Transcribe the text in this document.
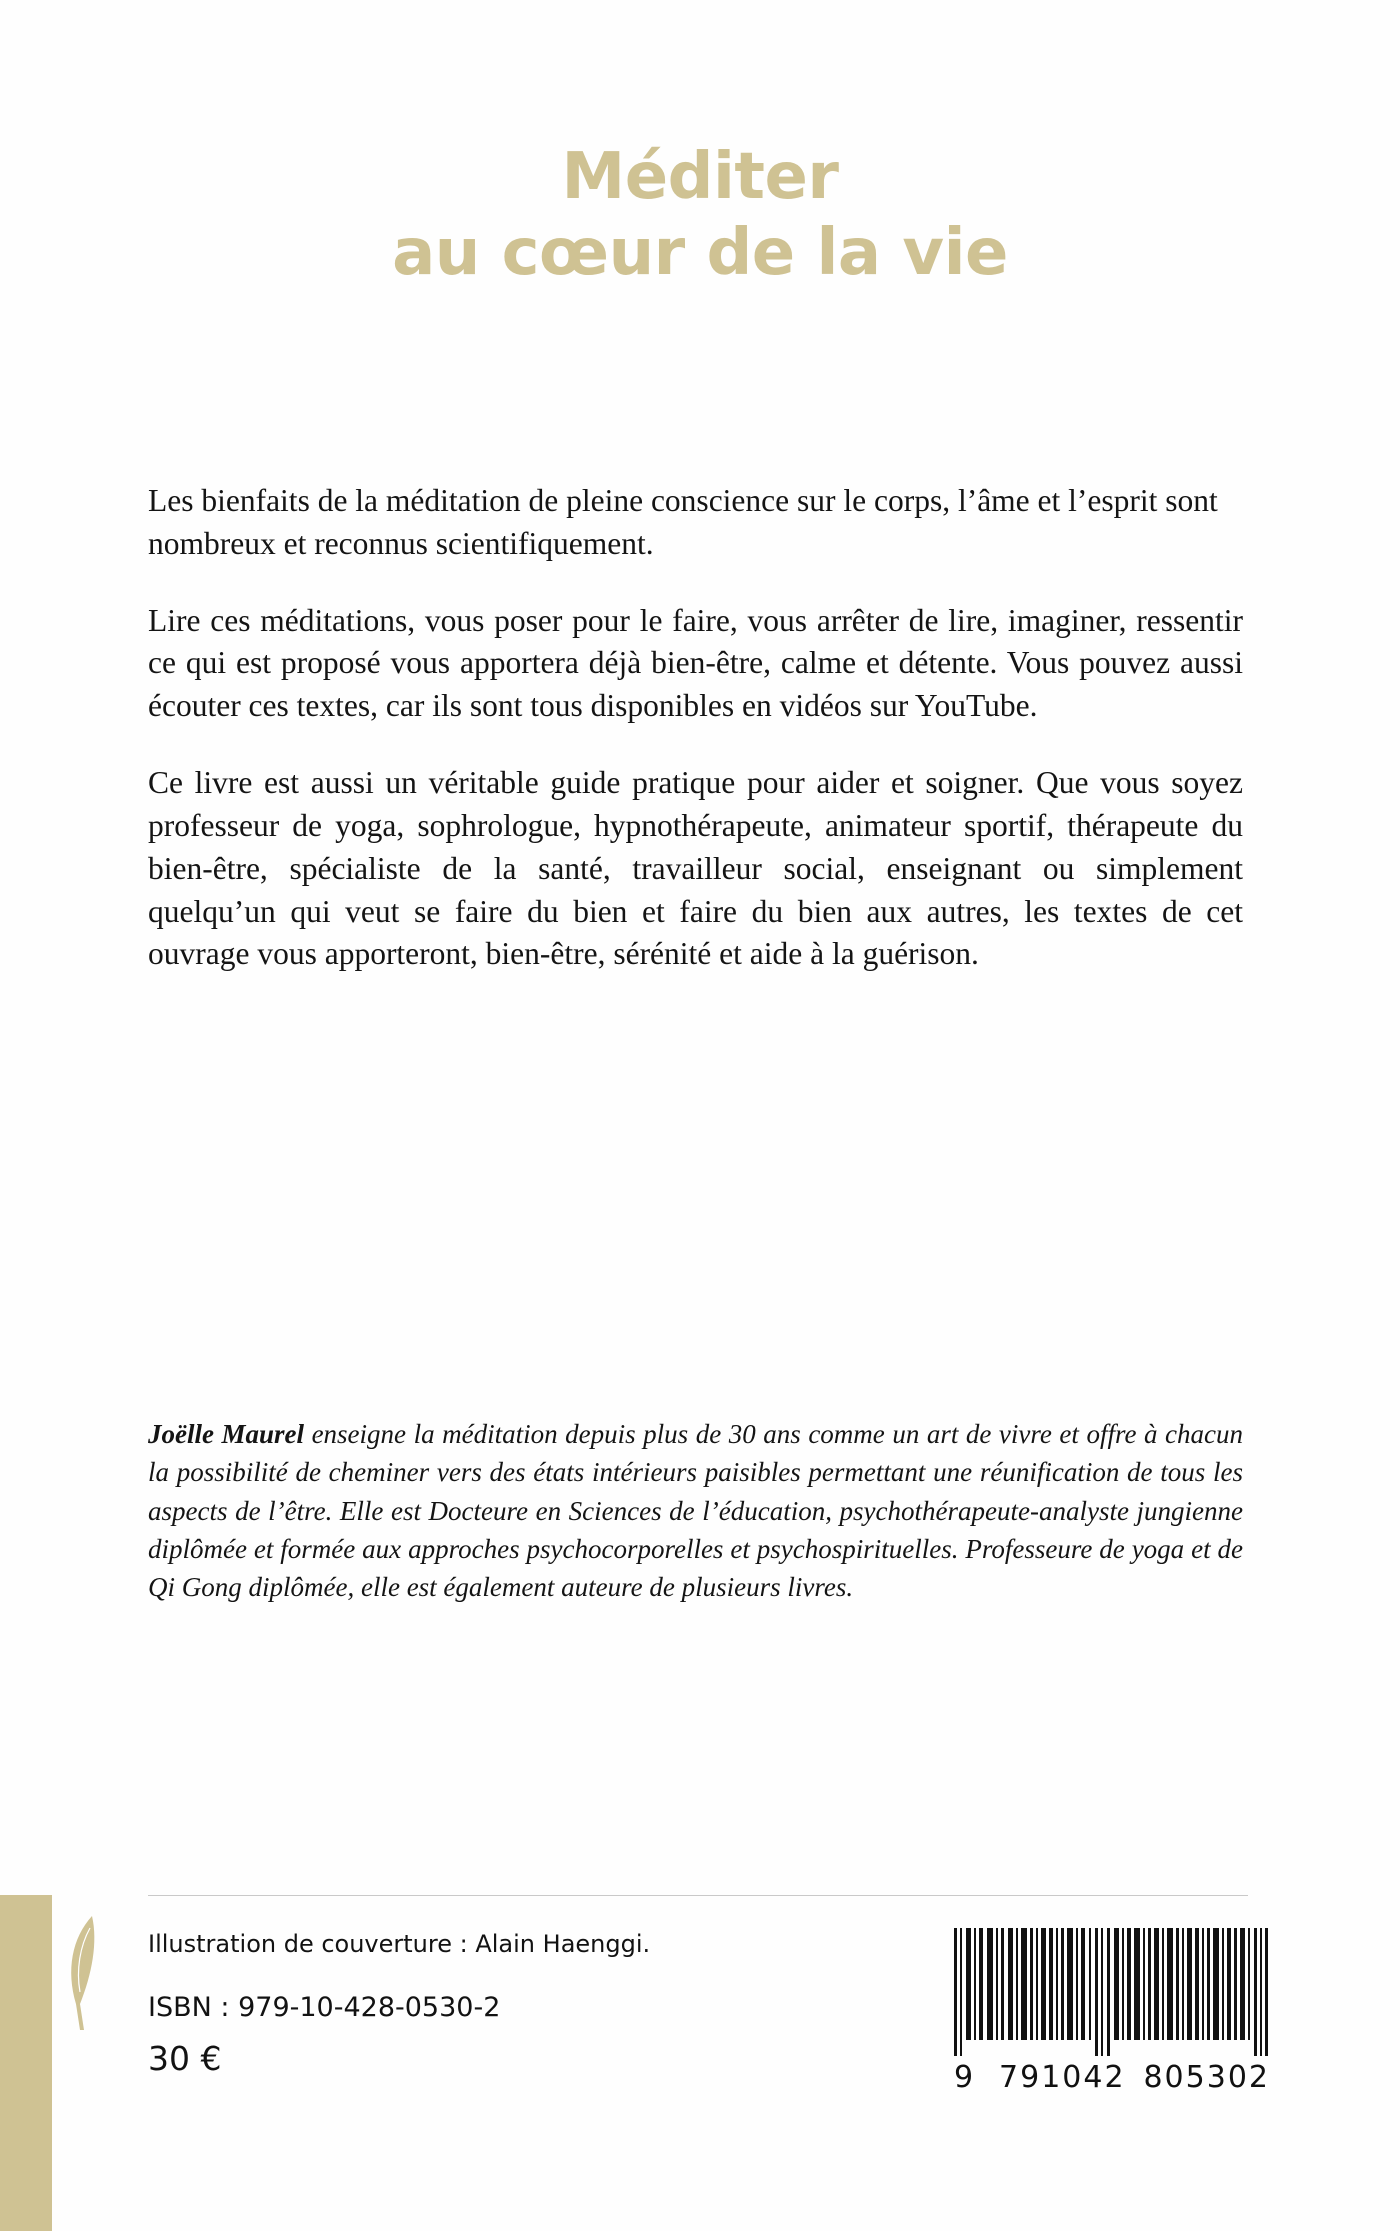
Méditer
au cœur de la vie

Les bienfaits de la méditation de pleine conscience sur le corps, l’âme et l’esprit sont nombreux et reconnus scientifiquement.

Lire ces méditations, vous poser pour le faire, vous arrêter de lire, imaginer, ressentir ce qui est proposé vous apportera déjà bien-être, calme et détente. Vous pouvez aussi écouter ces textes, car ils sont tous disponibles en vidéos sur YouTube.

Ce livre est aussi un véritable guide pratique pour aider et soigner. Que vous soyez professeur de yoga, sophrologue, hypnothérapeute, animateur sportif, thérapeute du bien-être, spécialiste de la santé, travailleur social, enseignant ou simplement quelqu’un qui veut se faire du bien et faire du bien aux autres, les textes de cet ouvrage vous apporteront, bien-être, sérénité et aide à la guérison.

Joëlle Maurel enseigne la méditation depuis plus de 30 ans comme un art de vivre et offre à chacun la possibilité de cheminer vers des états intérieurs paisibles permettant une réunification de tous les aspects de l’être. Elle est Docteure en Sciences de l’éducation, psychothérapeute-analyste jungienne diplômée et formée aux approches psychocorporelles et psychospirituelles. Professeure de yoga et de Qi Gong diplômée, elle est également auteure de plusieurs livres.
Illustration de couverture : Alain Haenggi.
ISBN : 979-10-428-0530-2
30 €	9 791042 805302
